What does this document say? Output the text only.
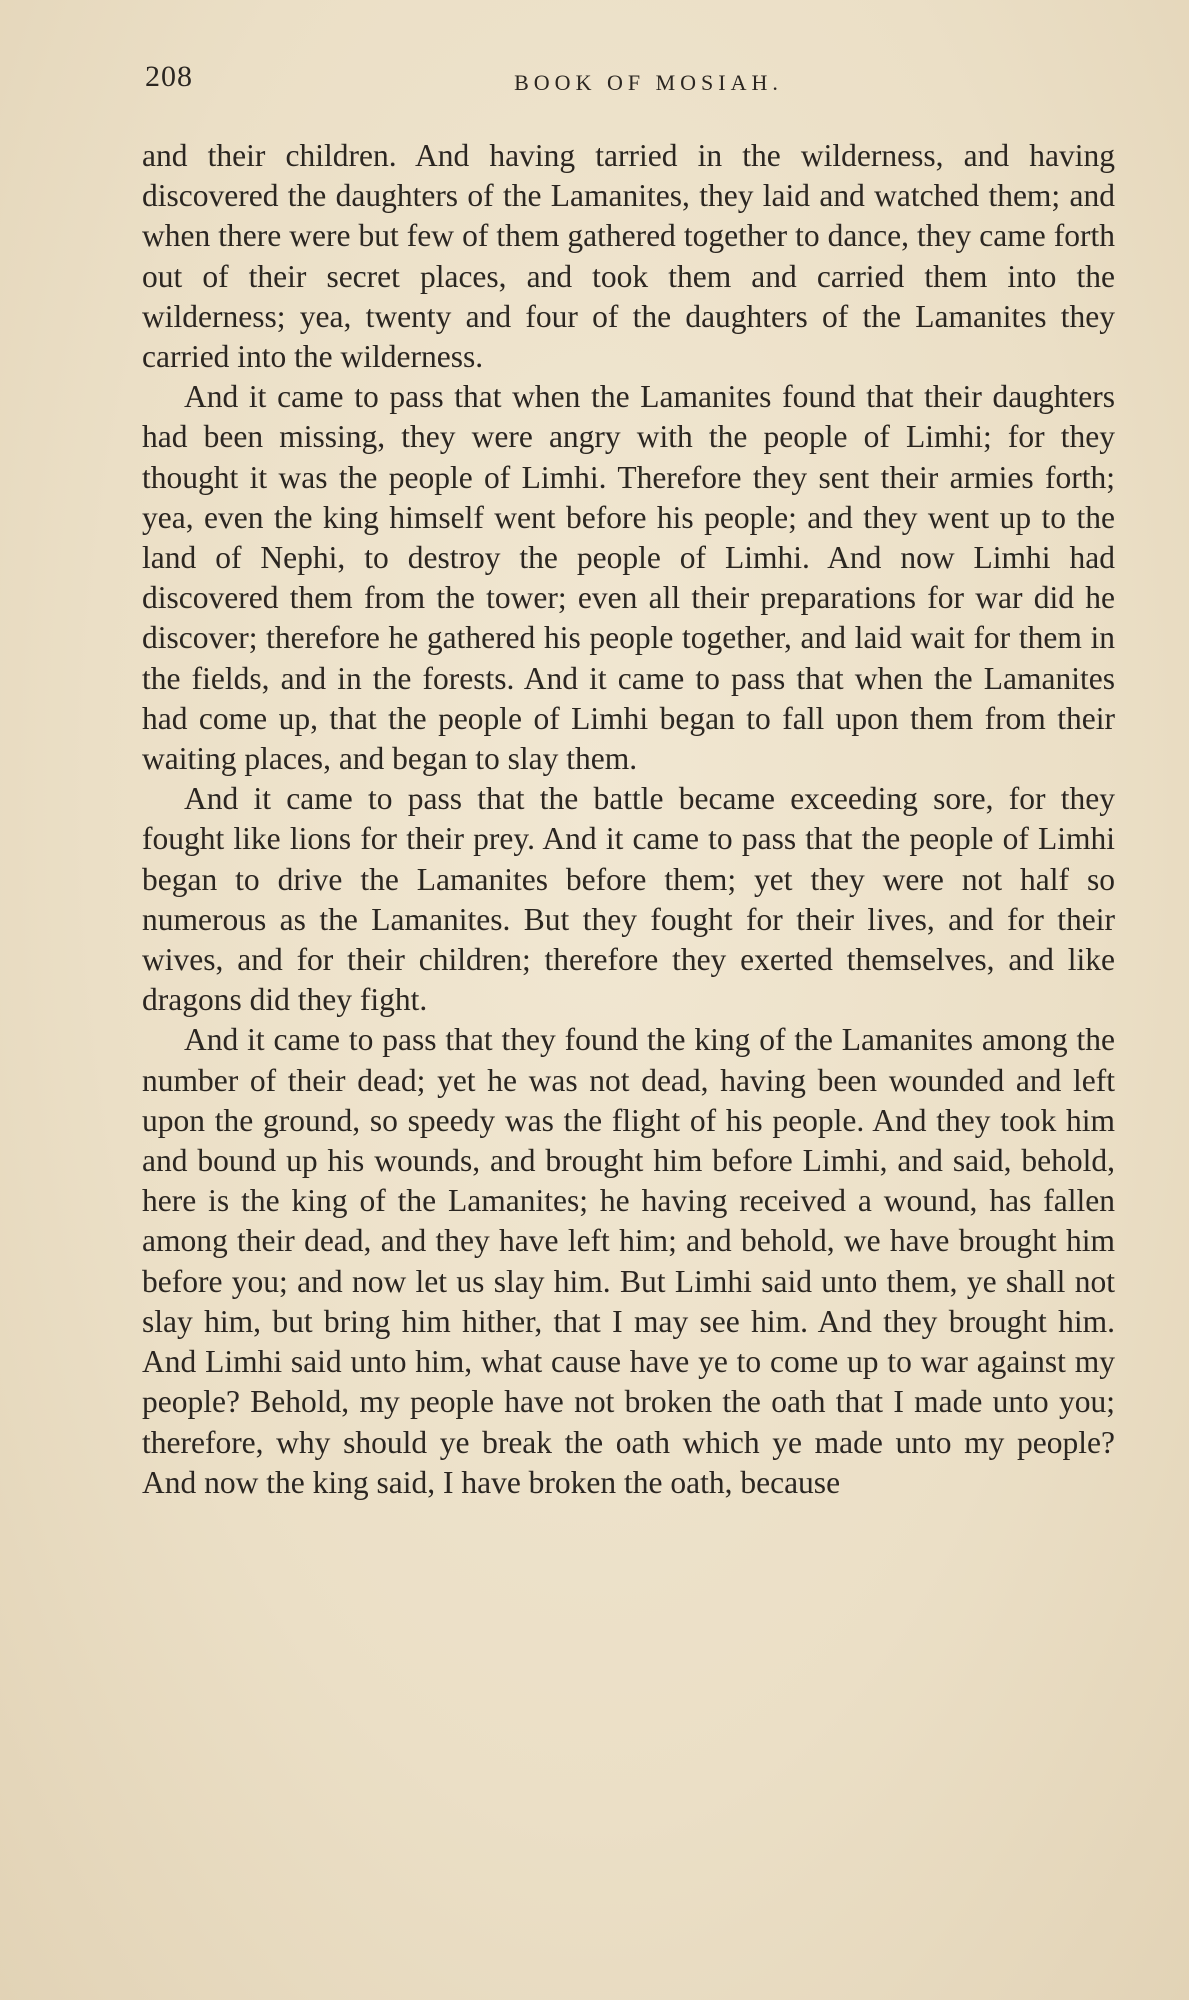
208	BOOK OF MOSIAH.

and their children. And having tarried in the wilderness, and having discovered the daughters of the Lamanites, they laid and watched them; and when there were but few of them gathered together to dance, they came forth out of their secret places, and took them and carried them into the wilderness; yea, twenty and four of the daughters of the Lamanites they carried into the wilderness.

And it came to pass that when the Lamanites found that their daughters had been missing, they were angry with the people of Limhi; for they thought it was the people of Limhi. Therefore they sent their armies forth; yea, even the king himself went before his people; and they went up to the land of Nephi, to destroy the people of Limhi. And now Limhi had discovered them from the tower; even all their preparations for war did he discover; therefore he gathered his people together, and laid wait for them in the fields, and in the forests. And it came to pass that when the Lamanites had come up, that the people of Limhi began to fall upon them from their waiting places, and began to slay them.

And it came to pass that the battle became exceeding sore, for they fought like lions for their prey. And it came to pass that the people of Limhi began to drive the Lamanites before them; yet they were not half so numerous as the Lamanites. But they fought for their lives, and for their wives, and for their children; therefore they exerted themselves, and like dragons did they fight.

And it came to pass that they found the king of the Lamanites among the number of their dead; yet he was not dead, having been wounded and left upon the ground, so speedy was the flight of his people. And they took him and bound up his wounds, and brought him before Limhi, and said, behold, here is the king of the Lamanites; he having received a wound, has fallen among their dead, and they have left him; and behold, we have brought him before you; and now let us slay him. But Limhi said unto them, ye shall not slay him, but bring him hither, that I may see him. And they brought him. And Limhi said unto him, what cause have ye to come up to war against my people? Behold, my people have not broken the oath that I made unto you; therefore, why should ye break the oath which ye made unto my people? And now the king said, I have broken the oath, because
